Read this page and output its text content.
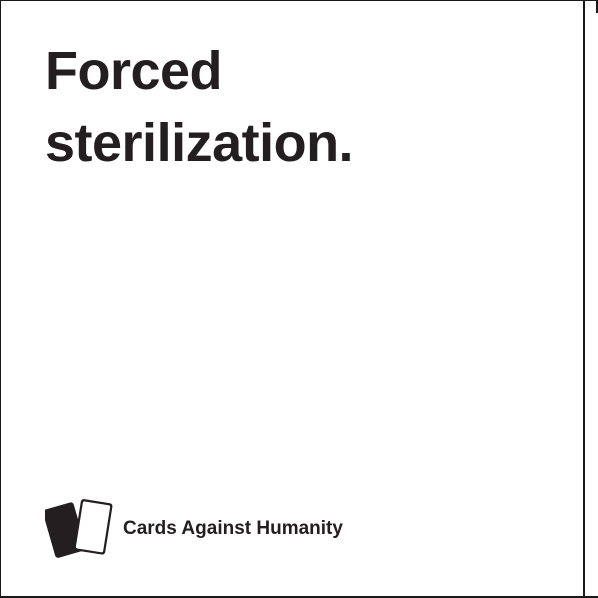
Forced
sterilization.
Cards Against Humanity
